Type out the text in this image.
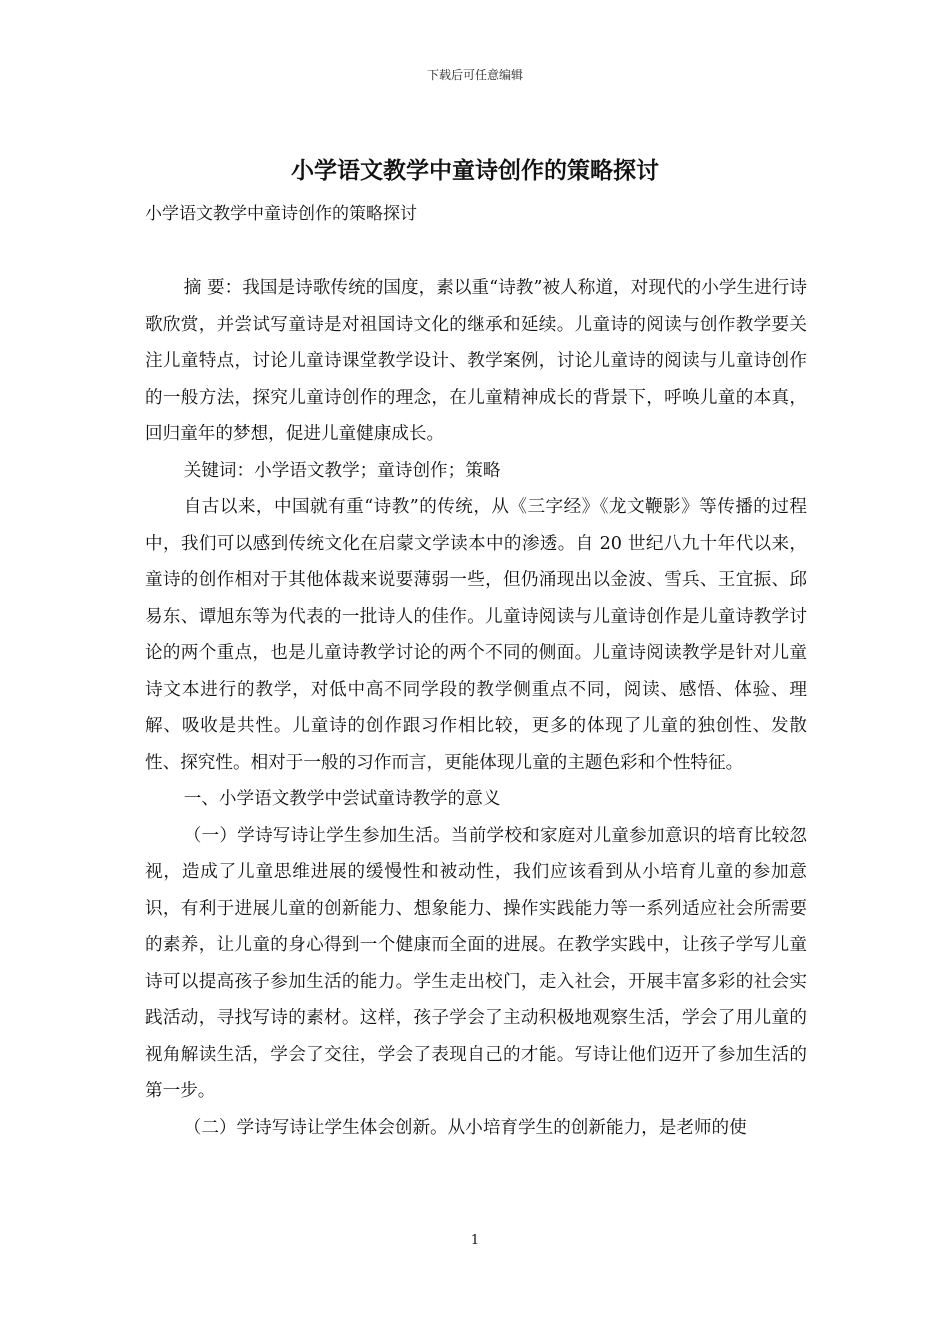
下载后可任意编辑
小学语文教学中童诗创作的策略探讨
小学语文教学中童诗创作的策略探讨

摘 要：我国是诗歌传统的国度，素以重“诗教”被人称道，对现代的小学生进行诗歌欣赏，并尝试写童诗是对祖国诗文化的继承和延续。儿童诗的阅读与创作教学要关注儿童特点，讨论儿童诗课堂教学设计、教学案例，讨论儿童诗的阅读与儿童诗创作的一般方法，探究儿童诗创作的理念，在儿童精神成长的背景下，呼唤儿童的本真，回归童年的梦想，促进儿童健康成长。

关键词：小学语文教学；童诗创作；策略

自古以来，中国就有重“诗教”的传统，从《三字经》《龙文鞭影》等传播的过程中，我们可以感到传统文化在启蒙文学读本中的渗透。自 20 世纪八九十年代以来，童诗的创作相对于其他体裁来说要薄弱一些，但仍涌现出以金波、雪兵、王宜振、邱易东、谭旭东等为代表的一批诗人的佳作。儿童诗阅读与儿童诗创作是儿童诗教学讨论的两个重点，也是儿童诗教学讨论的两个不同的侧面。儿童诗阅读教学是针对儿童诗文本进行的教学，对低中高不同学段的教学侧重点不同，阅读、感悟、体验、理解、吸收是共性。儿童诗的创作跟习作相比较，更多的体现了儿童的独创性、发散性、探究性。相对于一般的习作而言，更能体现儿童的主题色彩和个性特征。

一、小学语文教学中尝试童诗教学的意义

（一）学诗写诗让学生参加生活。当前学校和家庭对儿童参加意识的培育比较忽视，造成了儿童思维进展的缓慢性和被动性，我们应该看到从小培育儿童的参加意识，有利于进展儿童的创新能力、想象能力、操作实践能力等一系列适应社会所需要的素养，让儿童的身心得到一个健康而全面的进展。在教学实践中，让孩子学写儿童诗可以提高孩子参加生活的能力。学生走出校门，走入社会，开展丰富多彩的社会实践活动，寻找写诗的素材。这样，孩子学会了主动积极地观察生活，学会了用儿童的视角解读生活，学会了交往，学会了表现自己的才能。写诗让他们迈开了参加生活的第一步。

（二）学诗写诗让学生体会创新。从小培育学生的创新能力，是老师的使

1
